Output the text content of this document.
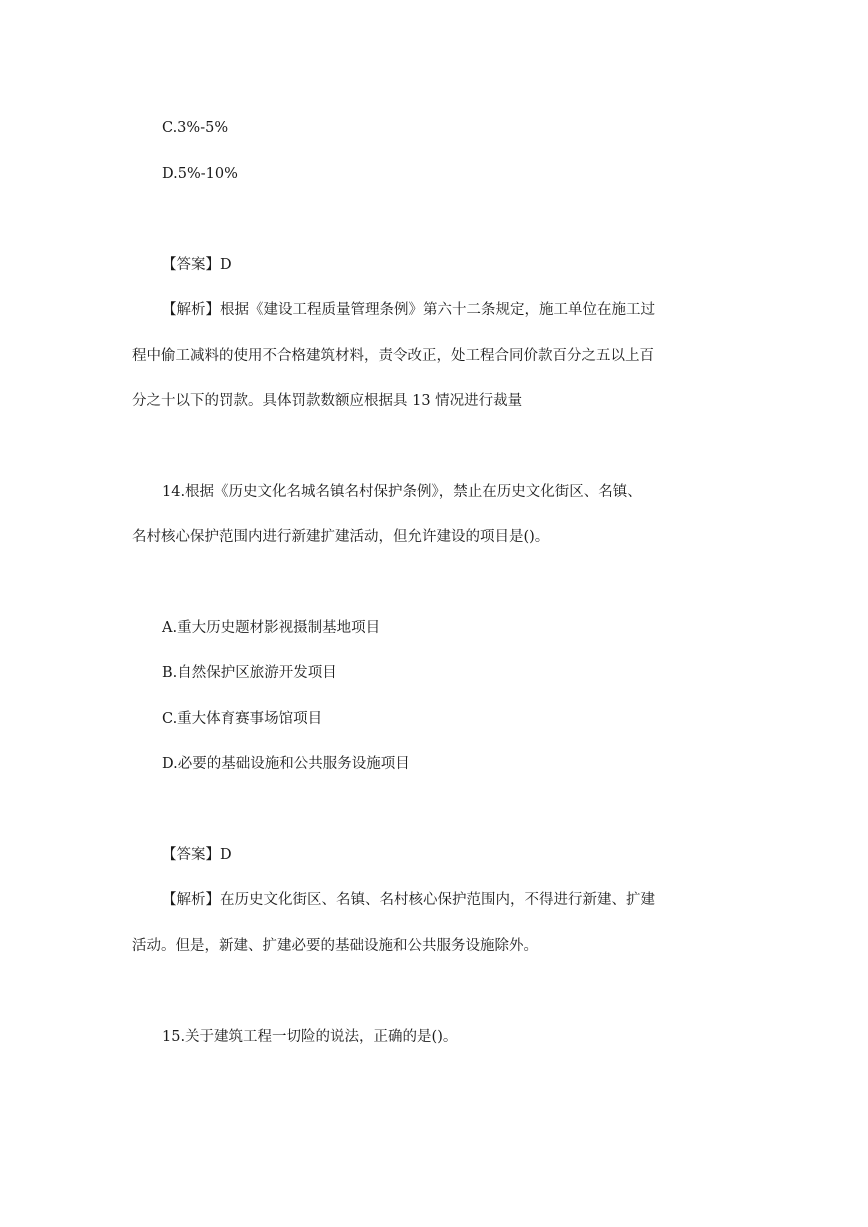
C.3%-5%
D.5%-10%
【答案】D
【解析】根据《建设工程质量管理条例》第六十二条规定，施工单位在施工过
程中偷工减料的使用不合格建筑材料，责令改正，处工程合同价款百分之五以上百
分之十以下的罚款。具体罚款数额应根据具 13 情况进行裁量
14.根据《历史文化名城名镇名村保护条例》，禁止在历史文化街区、名镇、
名村核心保护范围内进行新建扩建活动，但允许建设的项目是()。
A.重大历史题材影视摄制基地项目
B.自然保护区旅游开发项目
C.重大体育赛事场馆项目
D.必要的基础设施和公共服务设施项目
【答案】D
【解析】在历史文化街区、名镇、名村核心保护范围内，不得进行新建、扩建
活动。但是，新建、扩建必要的基础设施和公共服务设施除外。
15.关于建筑工程一切险的说法，正确的是()。
